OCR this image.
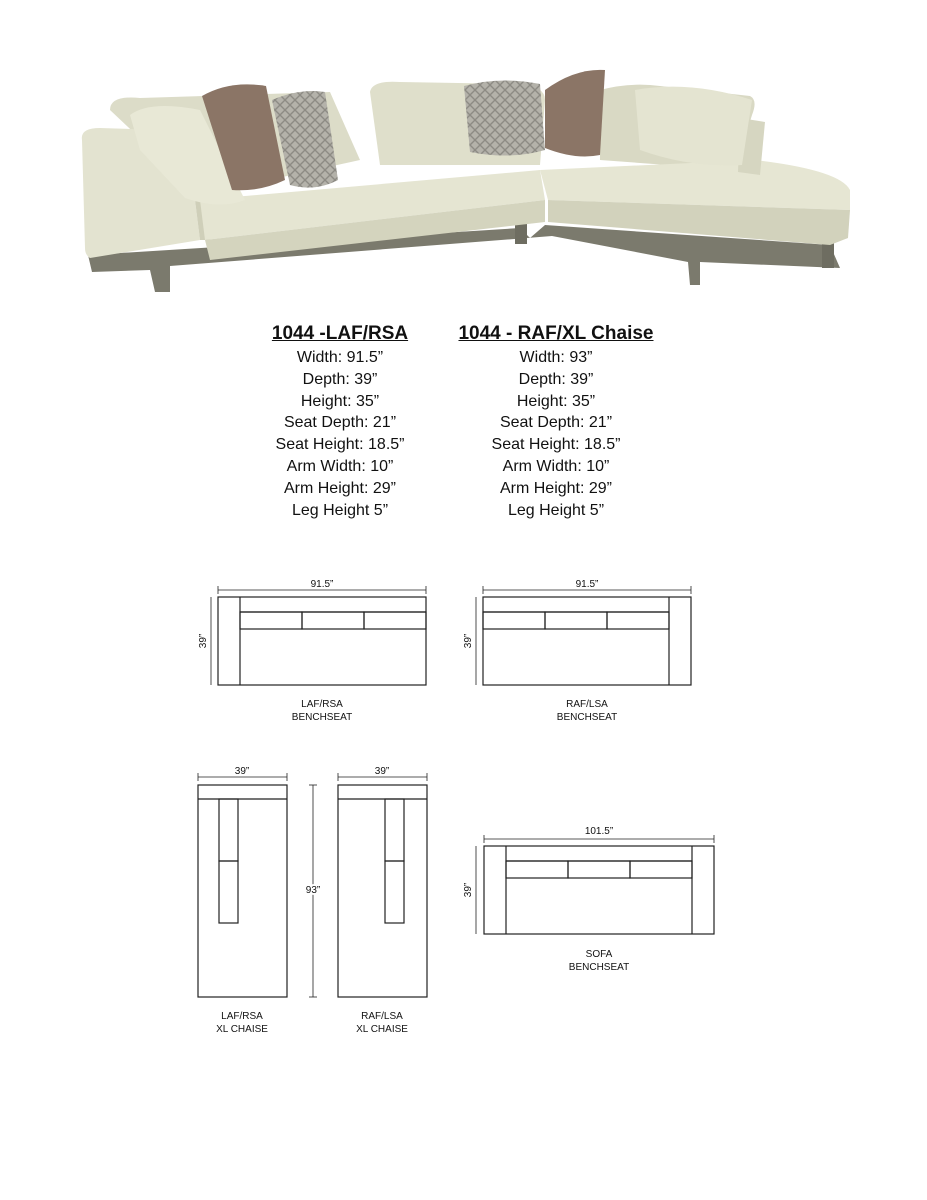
1044 -LAF/RSA
Width: 91.5”
Depth: 39”
Height: 35”
Seat Depth: 21”
Seat Height: 18.5”
Arm Width: 10”
Arm Height: 29”
Leg Height 5”
1044 - RAF/XL Chaise
Width: 93”
Depth: 39”
Height: 35”
Seat Depth: 21”
Seat Height: 18.5”
Arm Width: 10”
Arm Height: 29”
Leg Height 5”
91.5”
39”
LAF/RSA
BENCHSEAT
91.5”
39”
RAF/LSA
BENCHSEAT
39”
LAF/RSA
XL CHAISE
39”
RAF/LSA
XL CHAISE
93”
101.5”
39”
SOFA
BENCHSEAT
